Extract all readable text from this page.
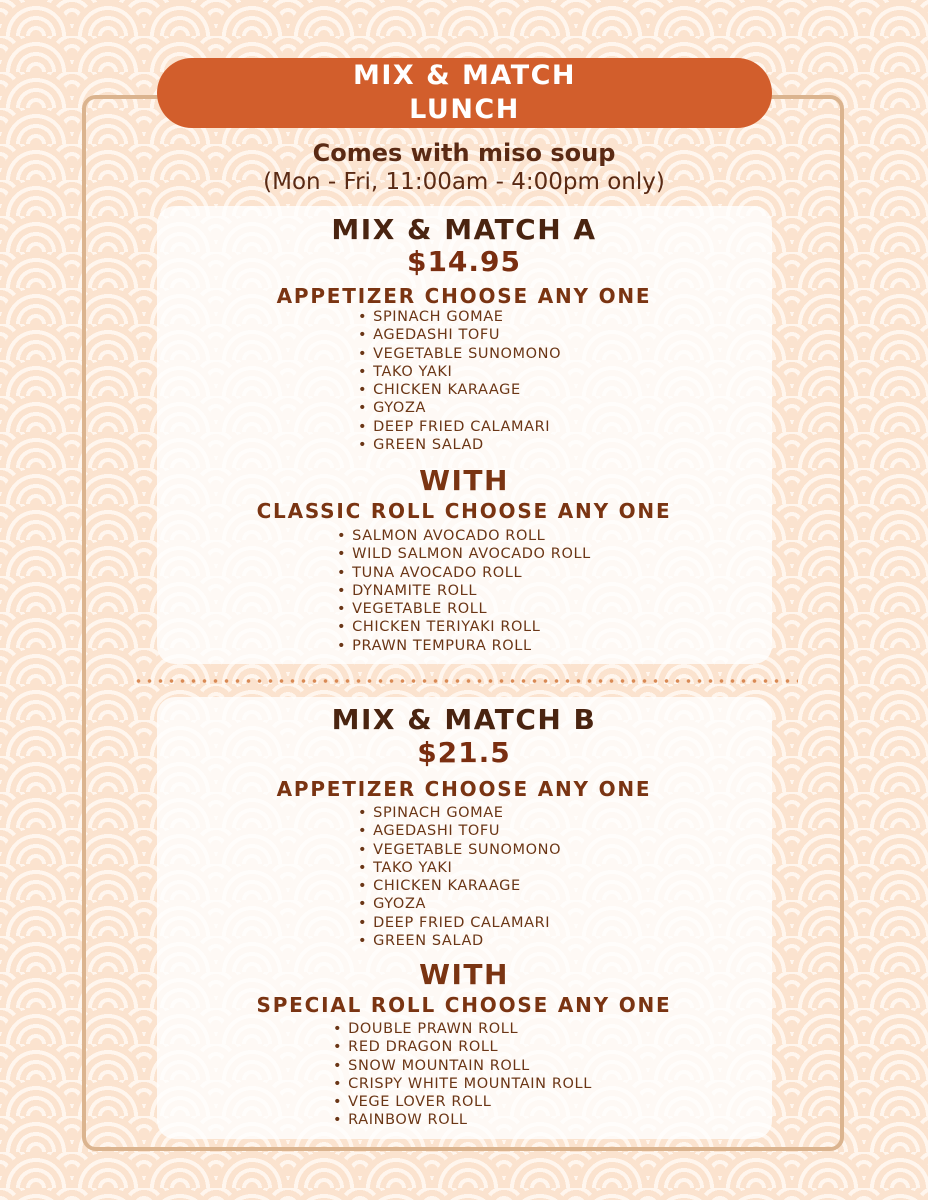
MIX & MATCH
LUNCH
Comes with miso soup
(Mon - Fri, 11:00am - 4:00pm only)
MIX & MATCH A
$14.95
APPETIZER CHOOSE ANY ONE
• SPINACH GOMAE
• AGEDASHI TOFU
• VEGETABLE SUNOMONO
• TAKO YAKI
• CHICKEN KARAAGE
• GYOZA
• DEEP FRIED CALAMARI
• GREEN SALAD
WITH
CLASSIC ROLL CHOOSE ANY ONE
• SALMON AVOCADO ROLL
• WILD SALMON AVOCADO ROLL
• TUNA AVOCADO ROLL
• DYNAMITE ROLL
• VEGETABLE ROLL
• CHICKEN TERIYAKI ROLL
• PRAWN TEMPURA ROLL
MIX & MATCH B
$21.5
APPETIZER CHOOSE ANY ONE
• SPINACH GOMAE
• AGEDASHI TOFU
• VEGETABLE SUNOMONO
• TAKO YAKI
• CHICKEN KARAAGE
• GYOZA
• DEEP FRIED CALAMARI
• GREEN SALAD
WITH
SPECIAL ROLL CHOOSE ANY ONE
• DOUBLE PRAWN ROLL
• RED DRAGON ROLL
• SNOW MOUNTAIN ROLL
• CRISPY WHITE MOUNTAIN ROLL
• VEGE LOVER ROLL
• RAINBOW ROLL
